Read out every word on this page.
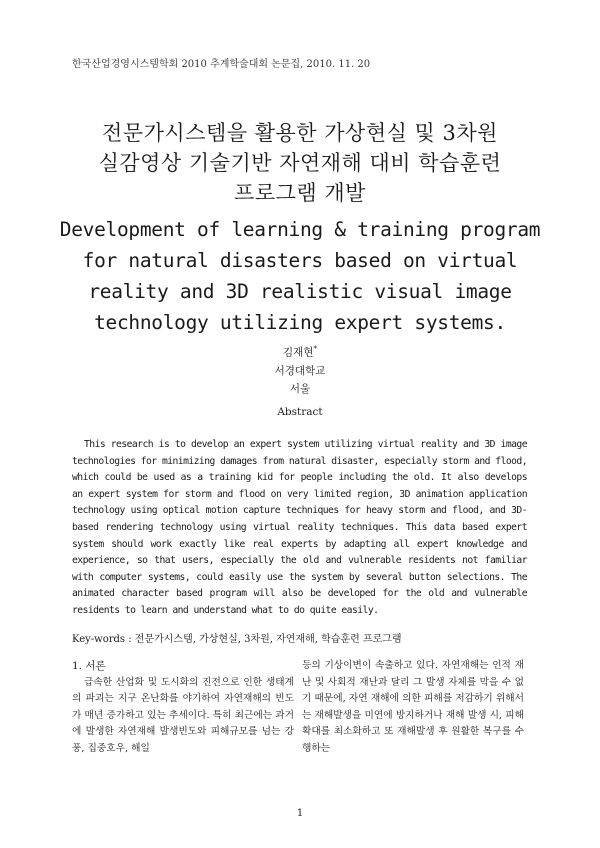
한국산업경영시스템학회 2010 추계학술대회 논문집, 2010. 11. 20
전문가시스템을 활용한 가상현실 및 3차원
실감영상 기술기반 자연재해 대비 학습훈련
프로그램 개발
Development of learning & training program
for natural disasters based on virtual
reality and 3D realistic visual image
technology utilizing expert systems.
김재현*
서경대학교
서울
Abstract
This research is to develop an expert system utilizing virtual reality and 3D image technologies for minimizing damages from natural disaster, especially storm and flood, which could be used as a training kid for people including the old. It also develops an expert system for storm and flood on very limited region, 3D animation application technology using optical motion capture techniques for heavy storm and flood, and 3D-based rendering technology using virtual reality techniques. This data based expert system should work exactly like real experts by adapting all expert knowledge and experience, so that users, especially the old and vulnerable residents not familiar with computer systems, could easily use the system by several button selections. The animated character based program will also be developed for the old and vulnerable residents to learn and understand what to do quite easily.
Key-words : 전문가시스템, 가상현실, 3차원, 자연재해, 학습훈련 프로그램
1. 서론

급속한 산업화 및 도시화의 진전으로 인한 생태계의 파괴는 지구 온난화를 야기하여 자연재해의 빈도가 매년 증가하고 있는 추세이다. 특히 최근에는 과거에 발생한 자연재해 발생빈도와 피해규모를 넘는 강풍, 집중호우, 해일

등의 기상이변이 속출하고 있다. 자연재해는 인적 재난 및 사회적 재난과 달리 그 발생 자체를 막을 수 없기 때문에, 자연 재해에 의한 피해를 저감하기 위해서는 재해발생을 미연에 방지하거나 재해 발생 시, 피해확대를 최소화하고 또 재해발생 후 원활한 복구를 수행하는

1
